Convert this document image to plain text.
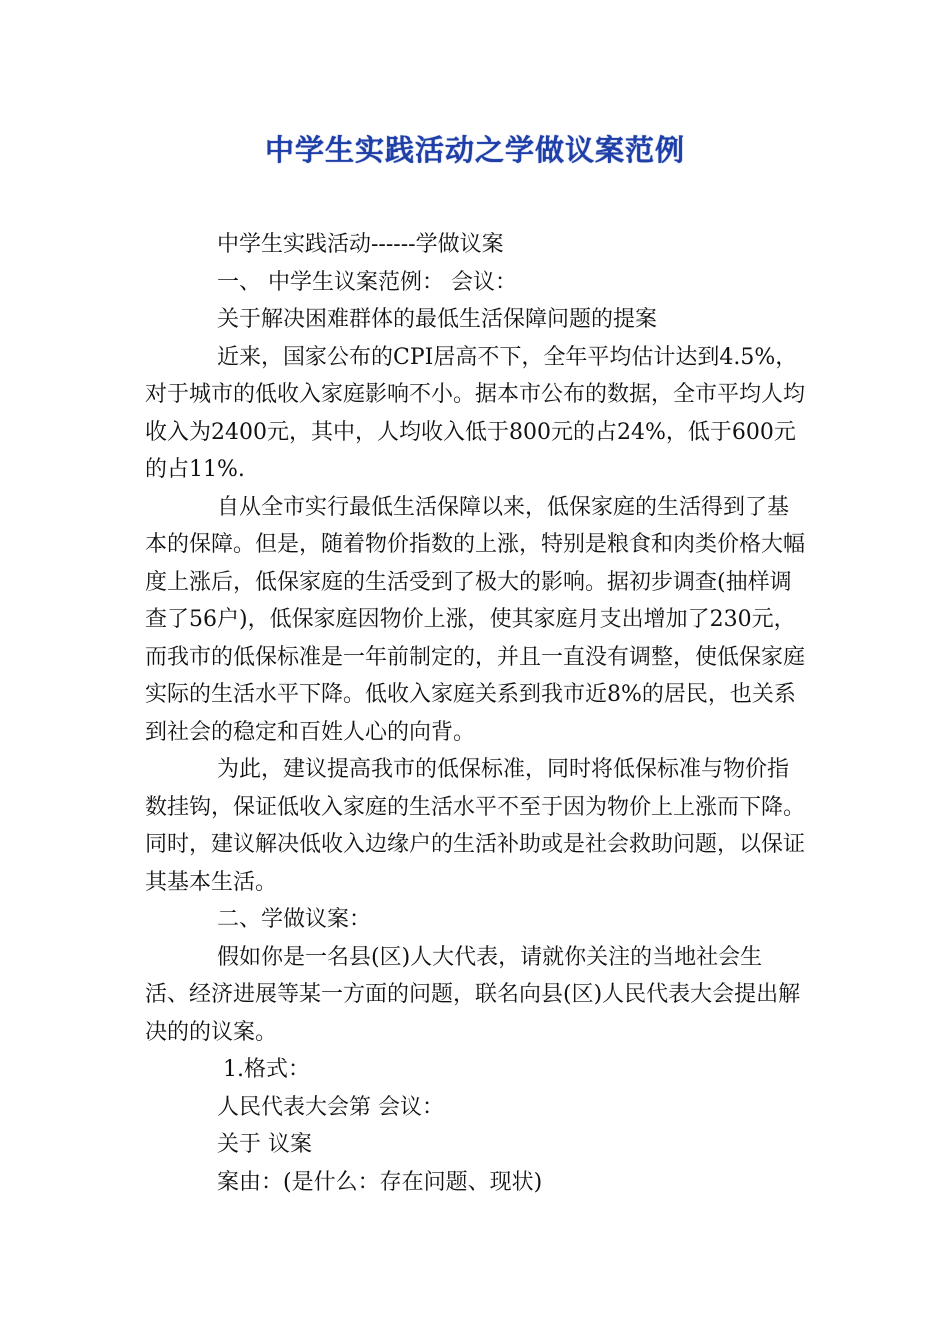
中学生实践活动之学做议案范例

中学生实践活动------学做议案

一、 中学生议案范例： 会议：

关于解决困难群体的最低生活保障问题的提案

近来，国家公布的CPI居高不下，全年平均估计达到4.5%，对于城市的低收入家庭影响不小。据本市公布的数据，全市平均人均收入为2400元，其中，人均收入低于800元的占24%，低于600元的占11%.

自从全市实行最低生活保障以来，低保家庭的生活得到了基本的保障。但是，随着物价指数的上涨，特别是粮食和肉类价格大幅度上涨后，低保家庭的生活受到了极大的影响。据初步调查(抽样调查了56户)，低保家庭因物价上涨，使其家庭月支出增加了230元，而我市的低保标准是一年前制定的，并且一直没有调整，使低保家庭实际的生活水平下降。低收入家庭关系到我市近8%的居民，也关系到社会的稳定和百姓人心的向背。

为此，建议提高我市的低保标准，同时将低保标准与物价指数挂钩，保证低收入家庭的生活水平不至于因为物价上上涨而下降。同时，建议解决低收入边缘户的生活补助或是社会救助问题，以保证其基本生活。

二、学做议案：

假如你是一名县(区)人大代表，请就你关注的当地社会生活、经济进展等某一方面的问题，联名向县(区)人民代表大会提出解决的的议案。

1.格式：

人民代表大会第 会议：

关于 议案

案由：(是什么：存在问题、现状)
